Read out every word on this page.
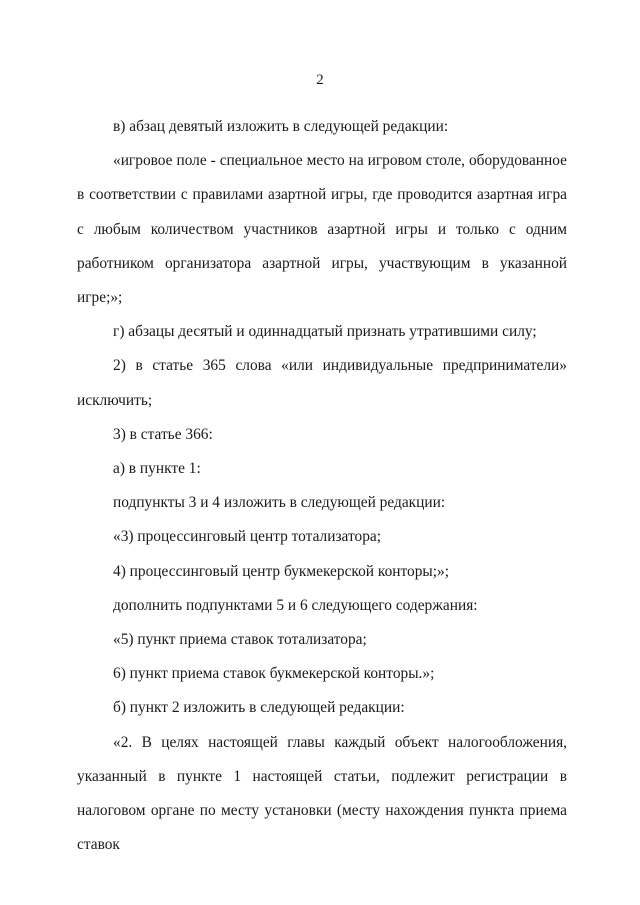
2

в) абзац девятый изложить в следующей редакции:

«игровое поле - специальное место на игровом столе, оборудованное в соответствии с правилами азартной игры, где проводится азартная игра с любым количеством участников азартной игры и только с одним работником организатора азартной игры, участвующим в указанной игре;»;

г) абзацы десятый и одиннадцатый признать утратившими силу;

2) в статье 365 слова «или индивидуальные предприниматели» исключить;

3) в статье 366:

а) в пункте 1:

подпункты 3 и 4 изложить в следующей редакции:

«3) процессинговый центр тотализатора;

4) процессинговый центр букмекерской конторы;»;

дополнить подпунктами 5 и 6 следующего содержания:

«5) пункт приема ставок тотализатора;

6) пункт приема ставок букмекерской конторы.»;

б) пункт 2 изложить в следующей редакции:

«2. В целях настоящей главы каждый объект налогообложения, указанный в пункте 1 настоящей статьи, подлежит регистрации в налоговом органе по месту установки (месту нахождения пункта приема ставок
